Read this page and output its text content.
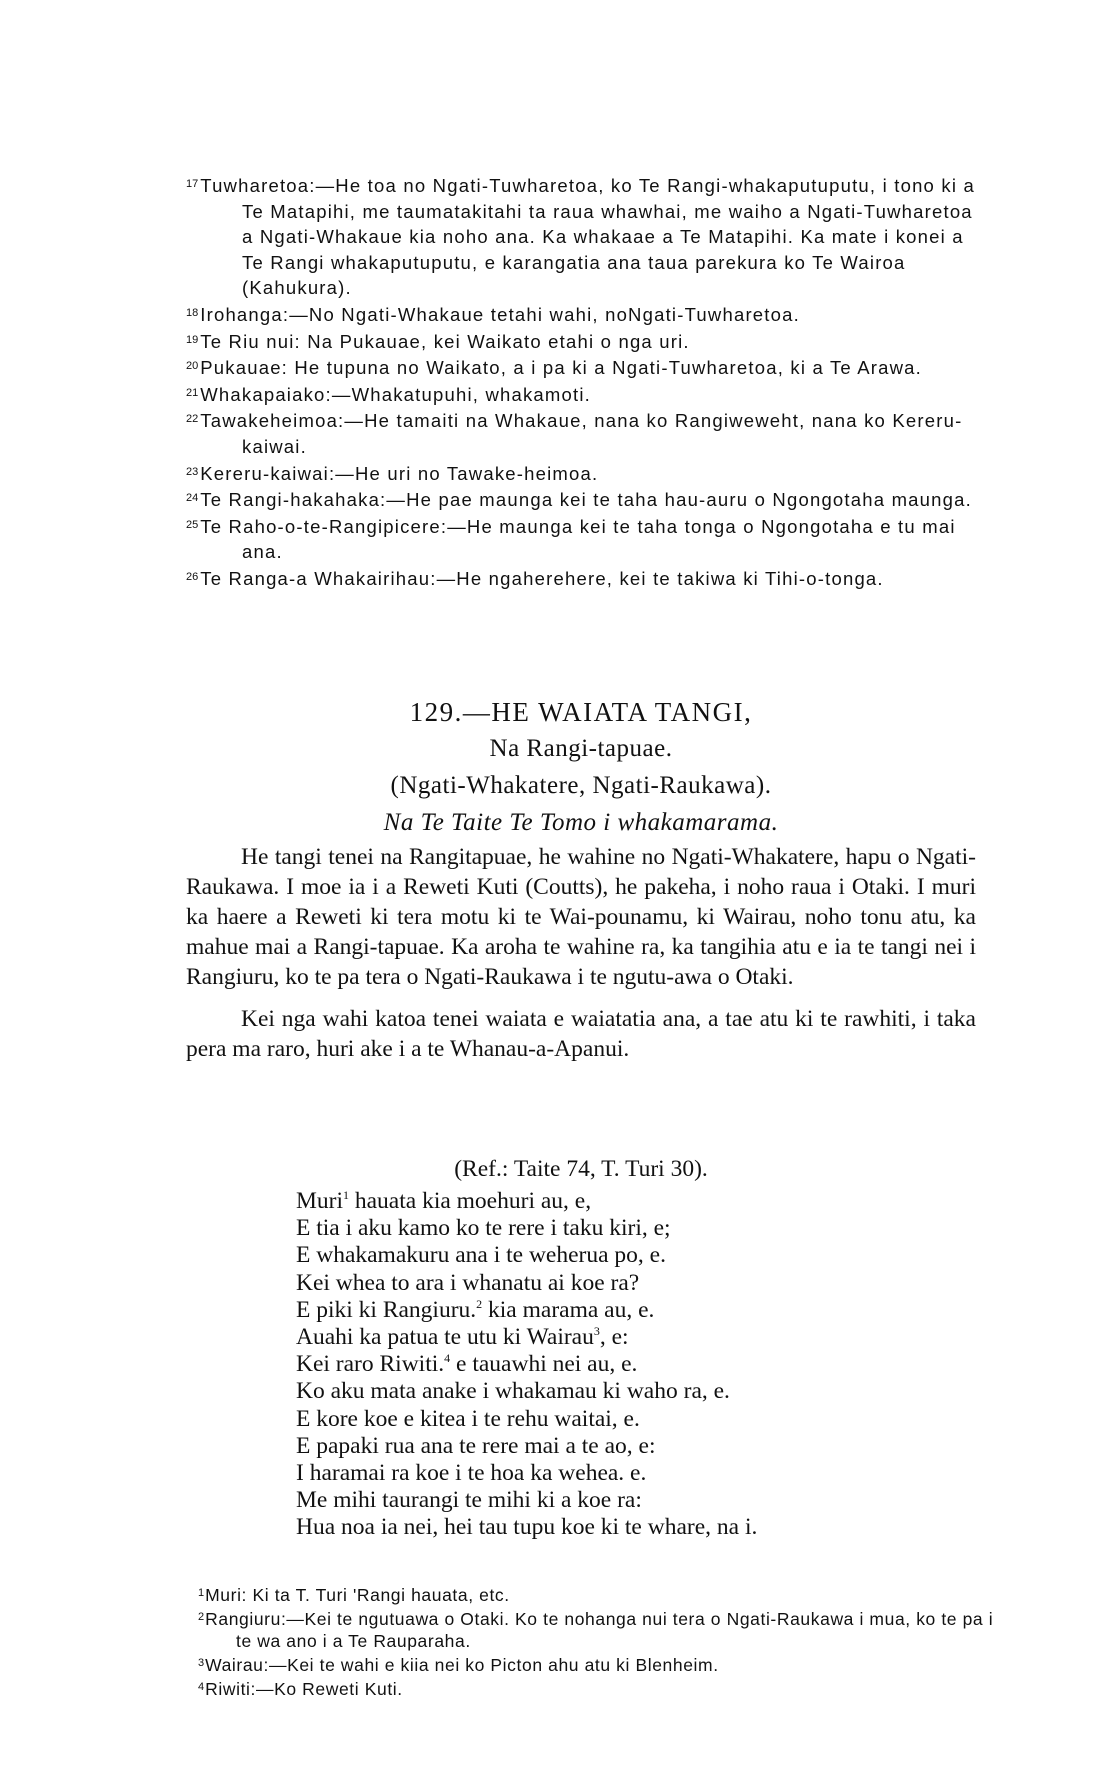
$^{17}$ Tuwharetoa:—He toa no Ngati-Tuwharetoa, ko Te Rangi-whakaputuputu, i tono ki a Te Matapihi, me taumatakitahi ta raua whawhai, me waiho a Ngati-Tuwharetoa a Ngati-Whakaue kia noho ana. Ka whakaae a Te Matapihi. Ka mate i konei a Te Rangi whakaputuputu, e karangatia ana taua parekura ko Te Wairoa (Kahukura).

$^{18}$ Irohanga:—No Ngati-Whakaue tetahi wahi, noNgati-Tuwharetoa.

$^{19}$ Te Riu nui: Na Pukauae, kei Waikato etahi o nga uri.

$^{20}$ Pukauae: He tupuna no Waikato, a i pa ki a Ngati-Tuwharetoa, ki a Te Arawa.

$^{21}$ Whakapaiako:—Whakatupuhi, whakamoti.

$^{22}$ Tawakeheimoa:—He tamaiti na Whakaue, nana ko Rangiweweht, nana ko Kereru-kaiwai.

$^{23}$ Kereru-kaiwai:—He uri no Tawake-heimoa.

$^{24}$ Te Rangi-hakahaka:—He pae maunga kei te taha hau-auru o Ngongotaha maunga.

$^{25}$ Te Raho-o-te-Rangipicere:—He maunga kei te taha tonga o Ngongotaha e tu mai ana.

$^{26}$ Te Ranga-a Whakairihau:—He ngaherehere, kei te takiwa ki Tihi-o-tonga.

129.—HE WAIATA TANGI,

Na Rangi-tapuae.

(Ngati-Whakatere, Ngati-Raukawa).

Na Te Taite Te Tomo i whakamarama.

He tangi tenei na Rangitapuae, he wahine no Ngati-Whakatere, hapu o Ngati-Raukawa. I moe ia i a Reweti Kuti (Coutts), he pakeha, i noho raua i Otaki. I muri ka haere a Reweti ki tera motu ki te Wai-pounamu, ki Wairau, noho tonu atu, ka mahue mai a Rangi-tapuae. Ka aroha te wahine ra, ka tangihia atu e ia te tangi nei i Rangiuru, ko te pa tera o Ngati-Raukawa i te ngutu-awa o Otaki.

Kei nga wahi katoa tenei waiata e waiatatia ana, a tae atu ki te rawhiti, i taka pera ma raro, huri ake i a te Whanau-a-Apanui.

(Ref.: Taite 74, T. Turi 30).

Muri$^1$ hauata kia moehuri au, e,

E tia i aku kamo ko te rere i taku kiri, e;

E whakamakuru ana i te weherua po, e.

Kei whea to ara i whanatu ai koe ra?

E piki ki Rangiuru.$^2$ kia marama au, e.

Auahi ka patua te utu ki Wairau$^3$, e:

Kei raro Riwiti.$^4$ e tauawhi nei au, e.

Ko aku mata anake i whakamau ki waho ra, e.

E kore koe e kitea i te rehu waitai, e.

E papaki rua ana te rere mai a te ao, e:

I haramai ra koe i te hoa ka wehea. e.

Me mihi taurangi te mihi ki a koe ra:

Hua noa ia nei, hei tau tupu koe ki te whare, na i.

$^1$Muri: Ki ta T. Turi 'Rangi hauata, etc.

$^2$Rangiuru:—Kei te ngutuawa o Otaki. Ko te nohanga nui tera o Ngati-Raukawa i mua, ko te pa i te wa ano i a Te Rauparaha.

$^3$Wairau:—Kei te wahi e kiia nei ko Picton ahu atu ki Blenheim.

$^4$Riwiti:—Ko Reweti Kuti.
